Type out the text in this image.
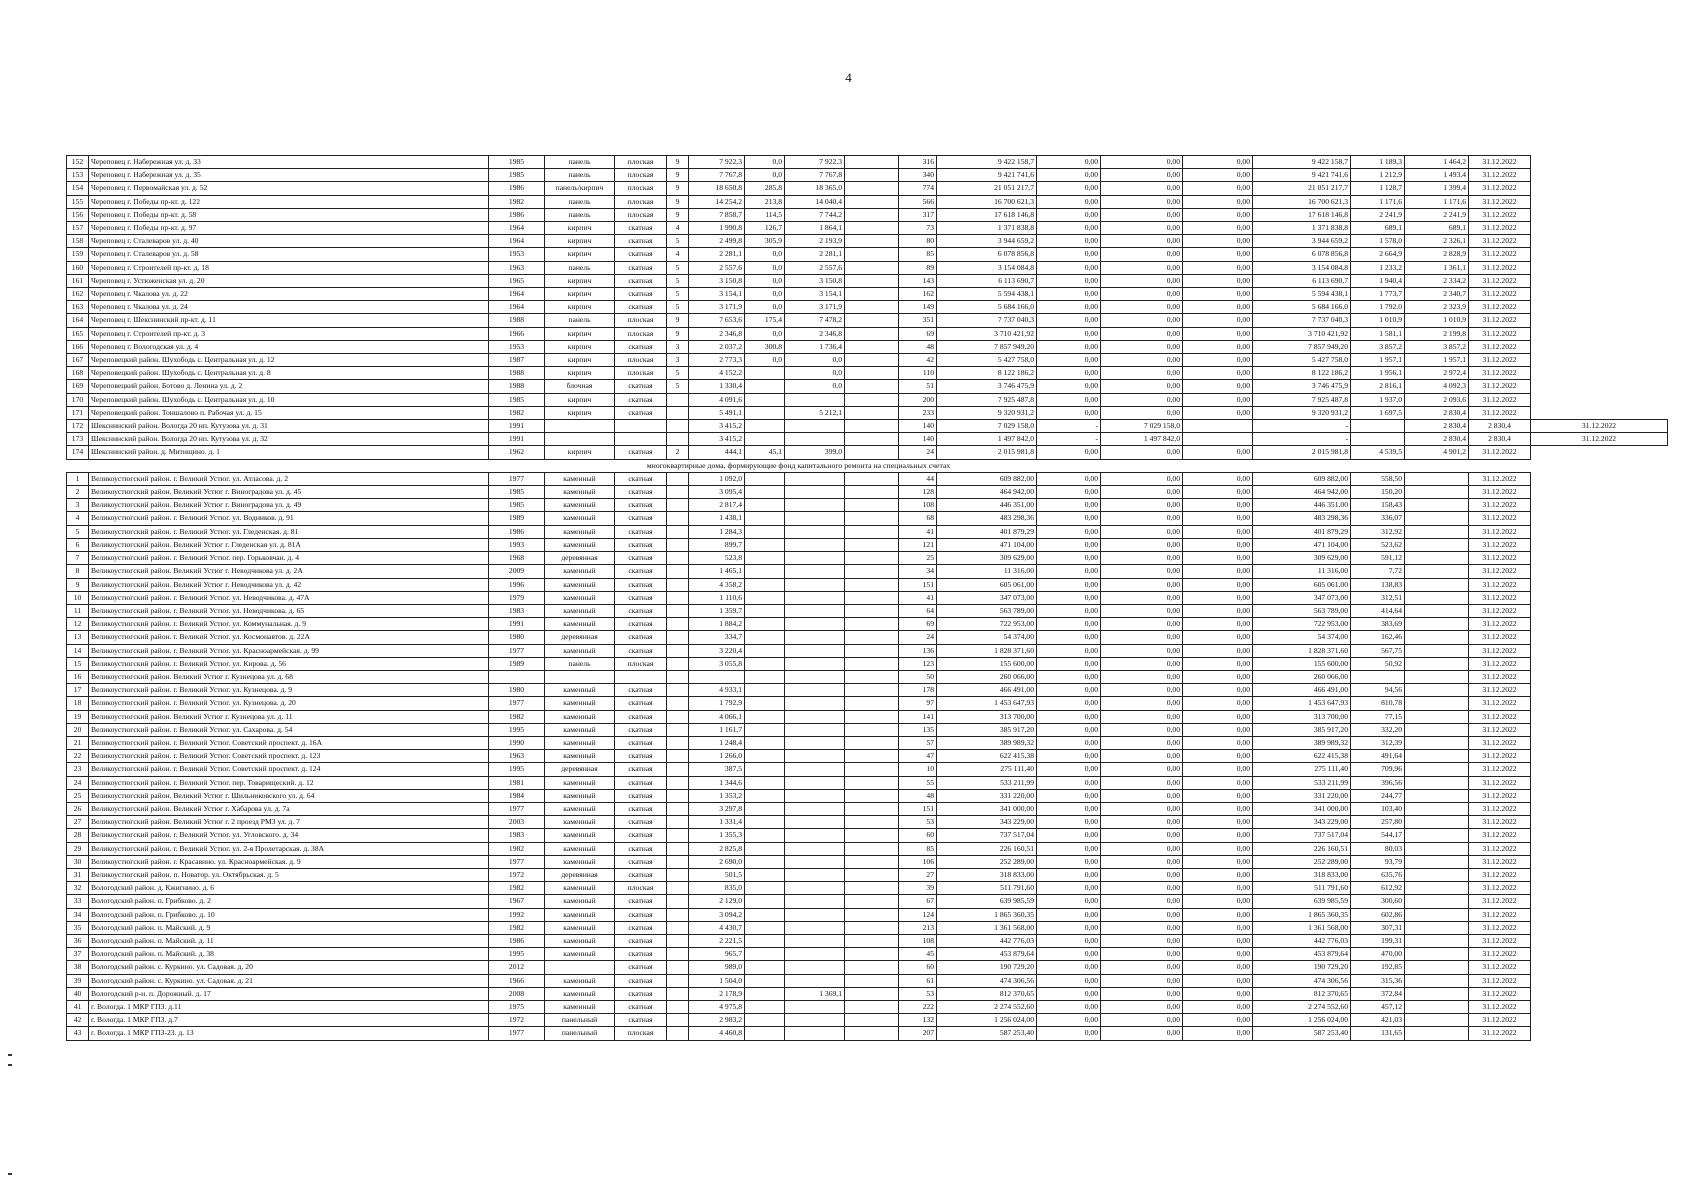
4
152	Череповец г. Набережная ул. д. 33	1985	панель	плоская	9	7 922,3	0,0	7 922,3		316	9 422 158,7	0,00	0,00	0,00	9 422 158,7	1 189,3	1 464,2	31.12.2022	
153	Череповец г. Набережная ул. д. 35	1985	панель	плоская	9	7 767,8	0,0	7 767,8		340	9 421 741,6	0,00	0,00	0,00	9 421 741,6	1 212,9	1 493,4	31.12.2022	
154	Череповец г. Первомайская ул. д. 52	1986	панель/кирпич	плоская	9	18 650,8	285,8	18 365,0		774	21 051 217,7	0,00	0,00	0,00	21 051 217,7	1 128,7	1 399,4	31.12.2022	
155	Череповец г. Победы пр-кт. д. 122	1982	панель	плоская	9	14 254,2	213,8	14 040,4		566	16 700 621,3	0,00	0,00	0,00	16 700 621,3	1 171,6	1 171,6	31.12.2022	
156	Череповец г. Победы пр-кт. д. 58	1986	панель	плоская	9	7 858,7	114,5	7 744,2		317	17 618 146,8	0,00	0,00	0,00	17 618 146,8	2 241,9	2 241,9	31.12.2022	
157	Череповец г. Победы пр-кт. д. 97	1964	кирпич	скатная	4	1 990,8	126,7	1 864,1		73	1 371 838,8	0,00	0,00	0,00	1 371 838,8	689,1	689,1	31.12.2022	
158	Череповец г. Сталеваров ул. д. 40	1964	кирпич	скатная	5	2 499,8	305,9	2 193,9		80	3 944 659,2	0,00	0,00	0,00	3 944 659,2	1 578,0	2 326,1	31.12.2022	
159	Череповец г. Сталеваров ул. д. 58	1953	кирпич	скатная	4	2 281,1	0,0	2 281,1		85	6 078 856,8	0,00	0,00	0,00	6 078 856,8	2 664,9	2 828,9	31.12.2022	
160	Череповец г. Строителей пр-кт. д. 18	1963	панель	скатная	5	2 557,6	0,0	2 557,6		89	3 154 084,8	0,00	0,00	0,00	3 154 084,8	1 233,2	1 361,1	31.12.2022	
161	Череповец г. Устюженская ул. д. 20	1965	кирпич	скатная	5	3 150,8	0,0	3 150,8		143	6 113 690,7	0,00	0,00	0,00	6 113 690,7	1 940,4	2 334,2	31.12.2022	
162	Череповец г. Чкалова ул. д. 22	1964	кирпич	скатная	5	3 154,1	0,0	3 154,1		162	5 594 438,1	0,00	0,00	0,00	5 594 438,1	1 773,7	2 340,7	31.12.2022	
163	Череповец г. Чкалова ул. д. 24	1964	кирпич	скатная	5	3 171,9	0,0	3 171,9		149	5 684 166,0	0,00	0,00	0,00	5 684 166,0	1 792,0	2 323,9	31.12.2022	
164	Череповец г. Шекснинский пр-кт. д. 11	1988	панель	плоская	9	7 653,6	175,4	7 478,2		351	7 737 040,3	0,00	0,00	0,00	7 737 040,3	1 010,9	1 010,9	31.12.2022	
165	Череповец г. Строителей пр-кт. д. 3	1966	кирпич	плоская	9	2 346,8	0,0	2 346,8		69	3 710 421,92	0,00	0,00	0,00	3 710 421,92	1 581,1	2 199,8	31.12.2022	
166	Череповец г. Вологодская ул. д. 4	1953	кирпич	скатная	3	2 037,2	300,8	1 736,4		48	7 857 949,20	0,00	0,00	0,00	7 857 949,20	3 857,2	3 857,2	31.12.2022	
167	Череповецкий район. Шухободь с. Центральная ул. д. 12	1987	кирпич	плоская	3	2 773,3	0,0	0,0		42	5 427 758,0	0,00	0,00	0,00	5 427 758,0	1 957,1	1 957,1	31.12.2022	
168	Череповецкий район. Шухободь с. Центральная ул. д. 8	1988	кирпич	плоская	5	4 152,2		0,0		110	8 122 186,2	0,00	0,00	0,00	8 122 186,2	1 956,1	2 972,4	31.12.2022	
169	Череповецкий район. Ботово д. Ленина ул. д. 2	1988	блочная	скатная	5	1 330,4		0,0		51	3 746 475,9	0,00	0,00	0,00	3 746 475,9	2 816,1	4 092,3	31.12.2022	
170	Череповецкий район. Шухободь с. Центральная ул. д. 10	1985	кирпич	скатная		4 091,6				200	7 925 487,8	0,00	0,00	0,00	7 925 487,8	1 937,0	2 093,6	31.12.2022	
171	Череповецкий район. Тоншалово п. Рабочая ул. д. 15	1982	кирпич	скатная		5 491,1		5 212,1		233	9 320 931,2	0,00	0,00	0,00	9 320 931,2	1 697,5	2 830,4	31.12.2022	
172	Шекснинский район. Вологда 20 нп. Кутузова ул. д. 31	1991				3 415,2				140	7 029 158,0	-	7 029 158,0		-		2 830,4	2 830,4	31.12.2022
173	Шекснинский район. Вологда 20 нп. Кутузова ул. д. 32	1991				3 415,2				140	1 497 842,0	-	1 497 842,0		-		2 830,4	2 830,4	31.12.2022
174	Шекснинский район. д. Митищино. д. 1	1962	кирпич	скатная	2	444,1	45,1	399,0		24	2 015 981,8	0,00	0,00	0,00	2 015 981,8	4 539,5	4 901,2	31.12.2022	
многоквартирные дома, формирующие фонд капитального ремонта на специальных счетах																			
1	Великоустюгский район. г. Великий Устюг. ул. Атласова. д. 2	1977	каменный	скатная		1 092,0				44	609 882,00	0,00	0,00	0,00	609 882,00	558,50		31.12.2022	
2	Великоустюгский район. Великий Устюг г. Виноградова ул. д. 45	1985	каменный	скатная		3 095,4				128	464 942,00	0,00	0,00	0,00	464 942,00	150,20		31.12.2022	
3	Великоустюгский район. Великий Устюг г. Виноградова ул. д. 49	1985	каменный	скатная		2 817,4				108	446 351,00	0,00	0,00	0,00	446 351,00	158,43		31.12.2022	
4	Великоустюгский район. г. Великий Устюг. ул. Водников. д. 91	1989	каменный	скатная		1 438,1				68	483 298,36	0,00	0,00	0,00	483 298,36	336,07		31.12.2022	
5	Великоустюгский район. г. Великий Устюг. ул. Гледенская. д. 81	1986	каменный	скатная		1 284,3				41	401 879,29	0,00	0,00	0,00	401 879,29	312,92		31.12.2022	
6	Великоустюгский район. Великий Устюг г. Гледенская ул. д. 81А	1993	каменный	скатная		899,7				121	471 104,00	0,00	0,00	0,00	471 104,00	523,62		31.12.2022	
7	Великоустюгский район. г. Великий Устюг. пер. Горьковчан. д. 4	1968	деревянная	скатная		523,8				25	309 629,00	0,00	0,00	0,00	309 629,00	591,12		31.12.2022	
8	Великоустюгский район. Великий Устюг г. Неводчикова ул. д. 2А	2009	каменный	скатная		1 465,1				34	11 316,00	0,00	0,00	0,00	11 316,00	7,72		31.12.2022	
9	Великоустюгский район. Великий Устюг г. Неводчикова ул. д. 42	1996	каменный	скатная		4 358,2				151	605 061,00	0,00	0,00	0,00	605 061,00	138,83		31.12.2022	
10	Великоустюгский район. г. Великий Устюг. ул. Неводчикова. д. 47А	1979	каменный	скатная		1 110,6				41	347 073,00	0,00	0,00	0,00	347 073,00	312,51		31.12.2022	
11	Великоустюгский район. г. Великий Устюг. ул. Неводчикова. д. 65	1983	каменный	скатная		1 359,7				64	563 789,00	0,00	0,00	0,00	563 789,00	414,64		31.12.2022	
12	Великоустюгский район. г. Великий Устюг. ул. Коммунальная. д. 9	1991	каменный	скатная		1 884,2				69	722 953,00	0,00	0,00	0,00	722 953,00	383,69		31.12.2022	
13	Великоустюгский район. г. Великий Устюг. ул. Космонавтов. д. 22А	1980	деревянная	скатная		334,7				24	54 374,00	0,00	0,00	0,00	54 374,00	162,46		31.12.2022	
14	Великоустюгский район. г. Великий Устюг. ул. Красноармейская. д. 99	1977	каменный	скатная		3 220,4				136	1 828 371,60	0,00	0,00	0,00	1 828 371,60	567,75		31.12.2022	
15	Великоустюгский район. г. Великий Устюг. ул. Кирова. д. 56	1989	панель	плоская		3 055,8				123	155 600,00	0,00	0,00	0,00	155 600,00	50,92		31.12.2022	
16	Великоустюгский район. Великий Устюг г. Кузнецова ул. д. 68									50	260 066,00	0,00	0,00	0,00	260 066,00			31.12.2022	
17	Великоустюгский район. г. Великий Устюг. ул. Кузнецова. д. 9	1980	каменный	скатная		4 933,1				178	466 491,00	0,00	0,00	0,00	466 491,00	94,56		31.12.2022	
18	Великоустюгский район. г. Великий Устюг. ул. Кузнецова. д. 20	1977	каменный	скатная		1 792,9				97	1 453 647,93	0,00	0,00	0,00	1 453 647,93	810,78		31.12.2022	
19	Великоустюгский район. Великий Устюг г. Кузнецова ул. д. 11	1982	каменный	скатная		4 066,1				141	313 700,00	0,00	0,00	0,00	313 700,00	77,15		31.12.2022	
20	Великоустюгский район. г. Великий Устюг. ул. Сахарова. д. 54	1995	каменный	скатная		1 161,7				135	385 917,20	0,00	0,00	0,00	385 917,20	332,20		31.12.2022	
21	Великоустюгский район. г. Великий Устюг. Советский проспект. д. 16А	1990	каменный	скатная		1 248,4				57	389 989,32	0,00	0,00	0,00	389 989,32	312,39		31.12.2022	
22	Великоустюгский район. г. Великий Устюг. Советский проспект. д. 123	1963	каменный	скатная		1 266,0				47	622 415,38	0,00	0,00	0,00	622 415,38	491,64		31.12.2022	
23	Великоустюгский район. г. Великий Устюг. Советский проспект. д. 124	1995	деревянная	скатная		387,5				10	275 111,40	0,00	0,00	0,00	275 111,40	709,96		31.12.2022	
24	Великоустюгский район. г. Великий Устюг. пер. Товарищеский. д. 12	1981	каменный	скатная		1 344,6				55	533 211,99	0,00	0,00	0,00	533 211,99	396,56		31.12.2022	
25	Великоустюгский район. Великий Устюг г. Шильниковского ул. д. 64	1984	каменный	скатная		1 353,2				48	331 220,00	0,00	0,00	0,00	331 220,00	244,77		31.12.2022	
26	Великоустюгский район. Великий Устюг г. Хабарова ул. д. 7а	1977	каменный	скатная		3 297,8				151	341 000,00	0,00	0,00	0,00	341 000,00	103,40		31.12.2022	
27	Великоустюгский район. Великий Устюг г. 2 проезд РМЗ ул. д. 7	2003	каменный	скатная		1 331,4				53	343 229,00	0,00	0,00	0,00	343 229,00	257,80		31.12.2022	
28	Великоустюгский район. г. Великий Устюг. ул. Угловского. д. 34	1983	каменный	скатная		1 355,3				60	737 517,04	0,00	0,00	0,00	737 517,04	544,17		31.12.2022	
29	Великоустюгский район. г. Великий Устюг. ул. 2-я Пролетарская. д. 38А	1982	каменный	скатная		2 825,8				85	226 160,51	0,00	0,00	0,00	226 160,51	80,03		31.12.2022	
30	Великоустюгский район. г. Красавино. ул. Красноармейская. д. 9	1977	каменный	скатная		2 690,0				106	252 289,00	0,00	0,00	0,00	252 289,00	93,79		31.12.2022	
31	Великоустюгский район. п. Новатор. ул. Октябрьская. д. 5	1972	деревянная	скатная		501,5				27	318 833,00	0,00	0,00	0,00	318 833,00	635,76		31.12.2022	
32	Вологодский район. д. Кжигнино. д. 6	1982	каменный	плоская		835,0				39	511 791,60	0,00	0,00	0,00	511 791,60	612,92		31.12.2022	
33	Вологодский район. п. Грибково. д. 2	1967	каменный	скатная		2 129,0				67	639 985,59	0,00	0,00	0,00	639 985,59	300,60		31.12.2022	
34	Вологодский район. п. Грибково. д. 10	1992	каменный	скатная		3 094,2				124	1 865 360,35	0,00	0,00	0,00	1 865 360,35	602,86		31.12.2022	
35	Вологодский район. п. Майский. д. 9	1982	каменный	скатная		4 430,7				213	1 361 568,00	0,00	0,00	0,00	1 361 568,00	307,31		31.12.2022	
36	Вологодский район. п. Майский. д. 11	1986	каменный	скатная		2 221,5				108	442 776,03	0,00	0,00	0,00	442 776,03	199,31		31.12.2022	
37	Вологодский район. п. Майский. д. 38	1995	каменный	скатная		965,7				45	453 879,64	0,00	0,00	0,00	453 879,64	470,00		31.12.2022	
38	Вологодский район. с. Куркино. ул. Садовая. д. 20	2012		скатная		989,0				60	190 729,20	0,00	0,00	0,00	190 729,20	192,85		31.12.2022	
39	Вологодский район. с. Куркино. ул. Садовая. д. 21	1966	каменный	скатная		1 504,0				61	474 306,56	0,00	0,00	0,00	474 306,56	315,36		31.12.2022	
40	Вологодский р-н. п. Дорожный. д. 17	2008	каменный	скатная		2 178,9		1 369,1		53	812 370,65	0,00	0,00	0,00	812 370,65	372,84		31.12.2022	
41	г. Вологда. 1 МКР ГПЗ. д.11	1975	каменный	скатная		4 975,8				222	2 274 552,60	0,00	0,00	0,00	2 274 552,60	457,12		31.12.2022	
42	г. Вологда. 1 МКР ГПЗ. д.7	1972	панельный	скатная		2 983,2				132	1 256 024,00	0,00	0,00	0,00	1 256 024,00	421,03		31.12.2022	
43	г. Вологда. 1 МКР ГПЗ-23. д. 13	1977	панельный	плоская		4 460,8				207	587 253,40	0,00	0,00	0,00	587 253,40	131,65		31.12.2022	
